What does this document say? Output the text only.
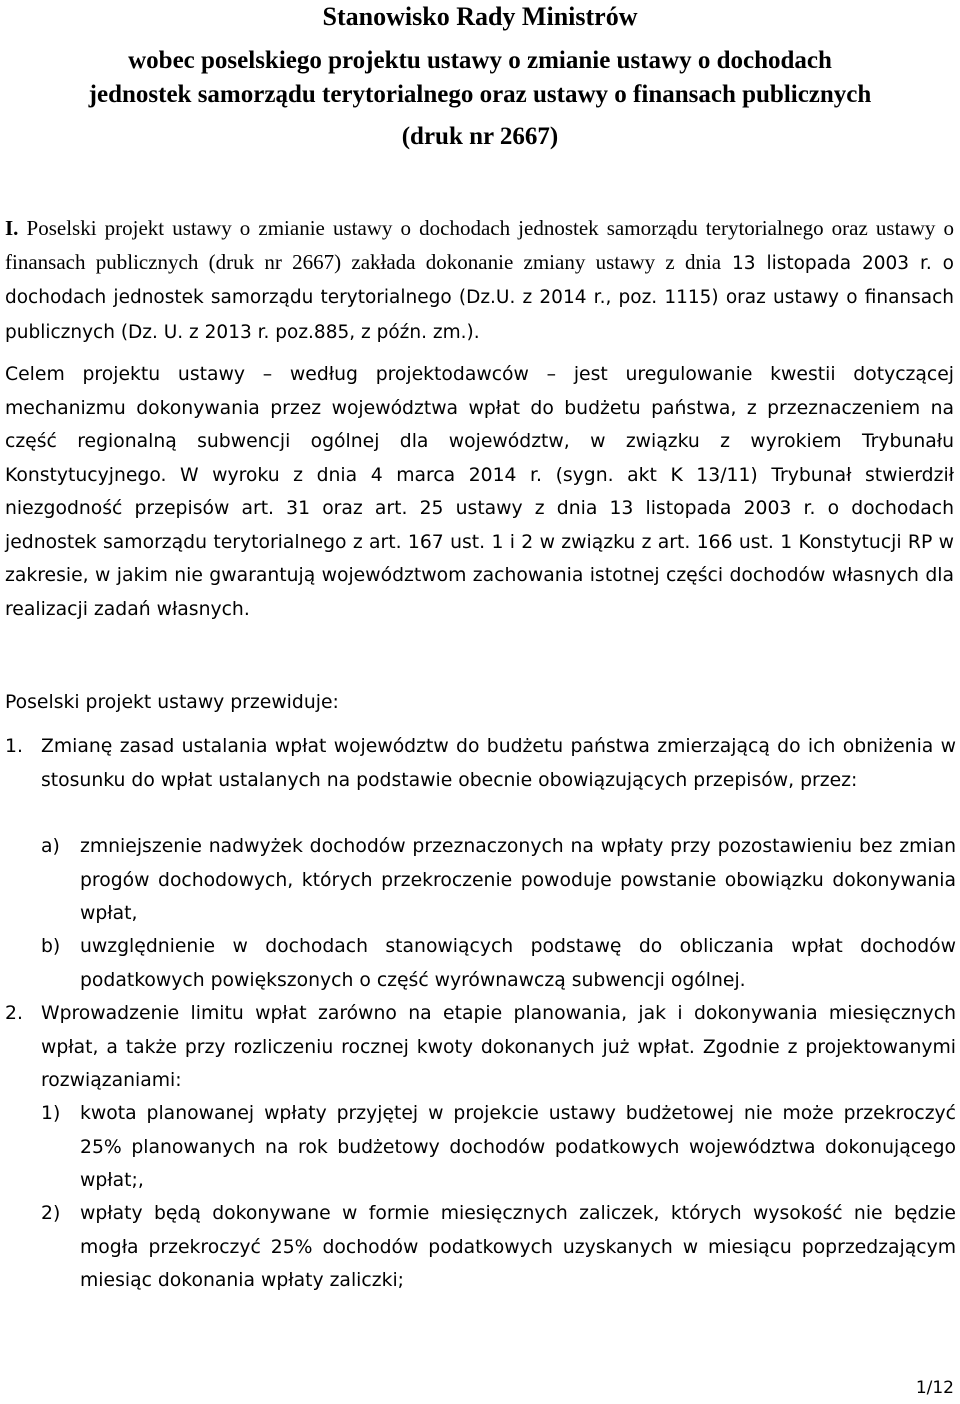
Stanowisko Rady Ministrów
wobec poselskiego projektu ustawy o zmianie ustawy o dochodach
jednostek samorządu terytorialnego oraz ustawy o finansach publicznych
(druk nr 2667)

I. Poselski projekt ustawy o zmianie ustawy o dochodach jednostek samorządu terytorialnego oraz ustawy o finansach publicznych (druk nr 2667) zakłada dokonanie zmiany ustawy z dnia 13 listopada 2003 r. o dochodach jednostek samorządu terytorialnego (Dz.U. z 2014 r., poz. 1115) oraz ustawy o finansach publicznych (Dz. U. z 2013 r. poz.885, z późn. zm.).

Celem projektu ustawy – według projektodawców – jest uregulowanie kwestii dotyczącej mechanizmu dokonywania przez województwa wpłat do budżetu państwa, z przeznaczeniem na część regionalną subwencji ogólnej dla województw, w związku z wyrokiem Trybunału Konstytucyjnego. W wyroku z dnia 4 marca 2014 r. (sygn. akt K 13/11) Trybunał stwierdził niezgodność przepisów art. 31 oraz art. 25 ustawy z dnia 13 listopada 2003 r. o dochodach jednostek samorządu terytorialnego z art. 167 ust. 1 i 2 w związku z art. 166 ust. 1 Konstytucji RP w zakresie, w jakim nie gwarantują województwom zachowania istotnej części dochodów własnych dla realizacji zadań własnych.

Poselski projekt ustawy przewiduje:

1. Zmianę zasad ustalania wpłat województw do budżetu państwa zmierzającą do ich obniżenia w stosunku do wpłat ustalanych na podstawie obecnie obowiązujących przepisów, przez:

a) zmniejszenie nadwyżek dochodów przeznaczonych na wpłaty przy pozostawieniu bez zmian progów dochodowych, których przekroczenie powoduje powstanie obowiązku dokonywania wpłat,

b) uwzględnienie w dochodach stanowiących podstawę do obliczania wpłat dochodów podatkowych powiększonych o część wyrównawczą subwencji ogólnej.

2. Wprowadzenie limitu wpłat zarówno na etapie planowania, jak i dokonywania miesięcznych wpłat, a także przy rozliczeniu rocznej kwoty dokonanych już wpłat. Zgodnie z projektowanymi rozwiązaniami:

1) kwota planowanej wpłaty przyjętej w projekcie ustawy budżetowej nie może przekroczyć 25% planowanych na rok budżetowy dochodów podatkowych województwa dokonującego wpłat;,

2) wpłaty będą dokonywane w formie miesięcznych zaliczek, których wysokość nie będzie mogła przekroczyć 25% dochodów podatkowych uzyskanych w miesiącu poprzedzającym miesiąc dokonania wpłaty zaliczki;

1/12
